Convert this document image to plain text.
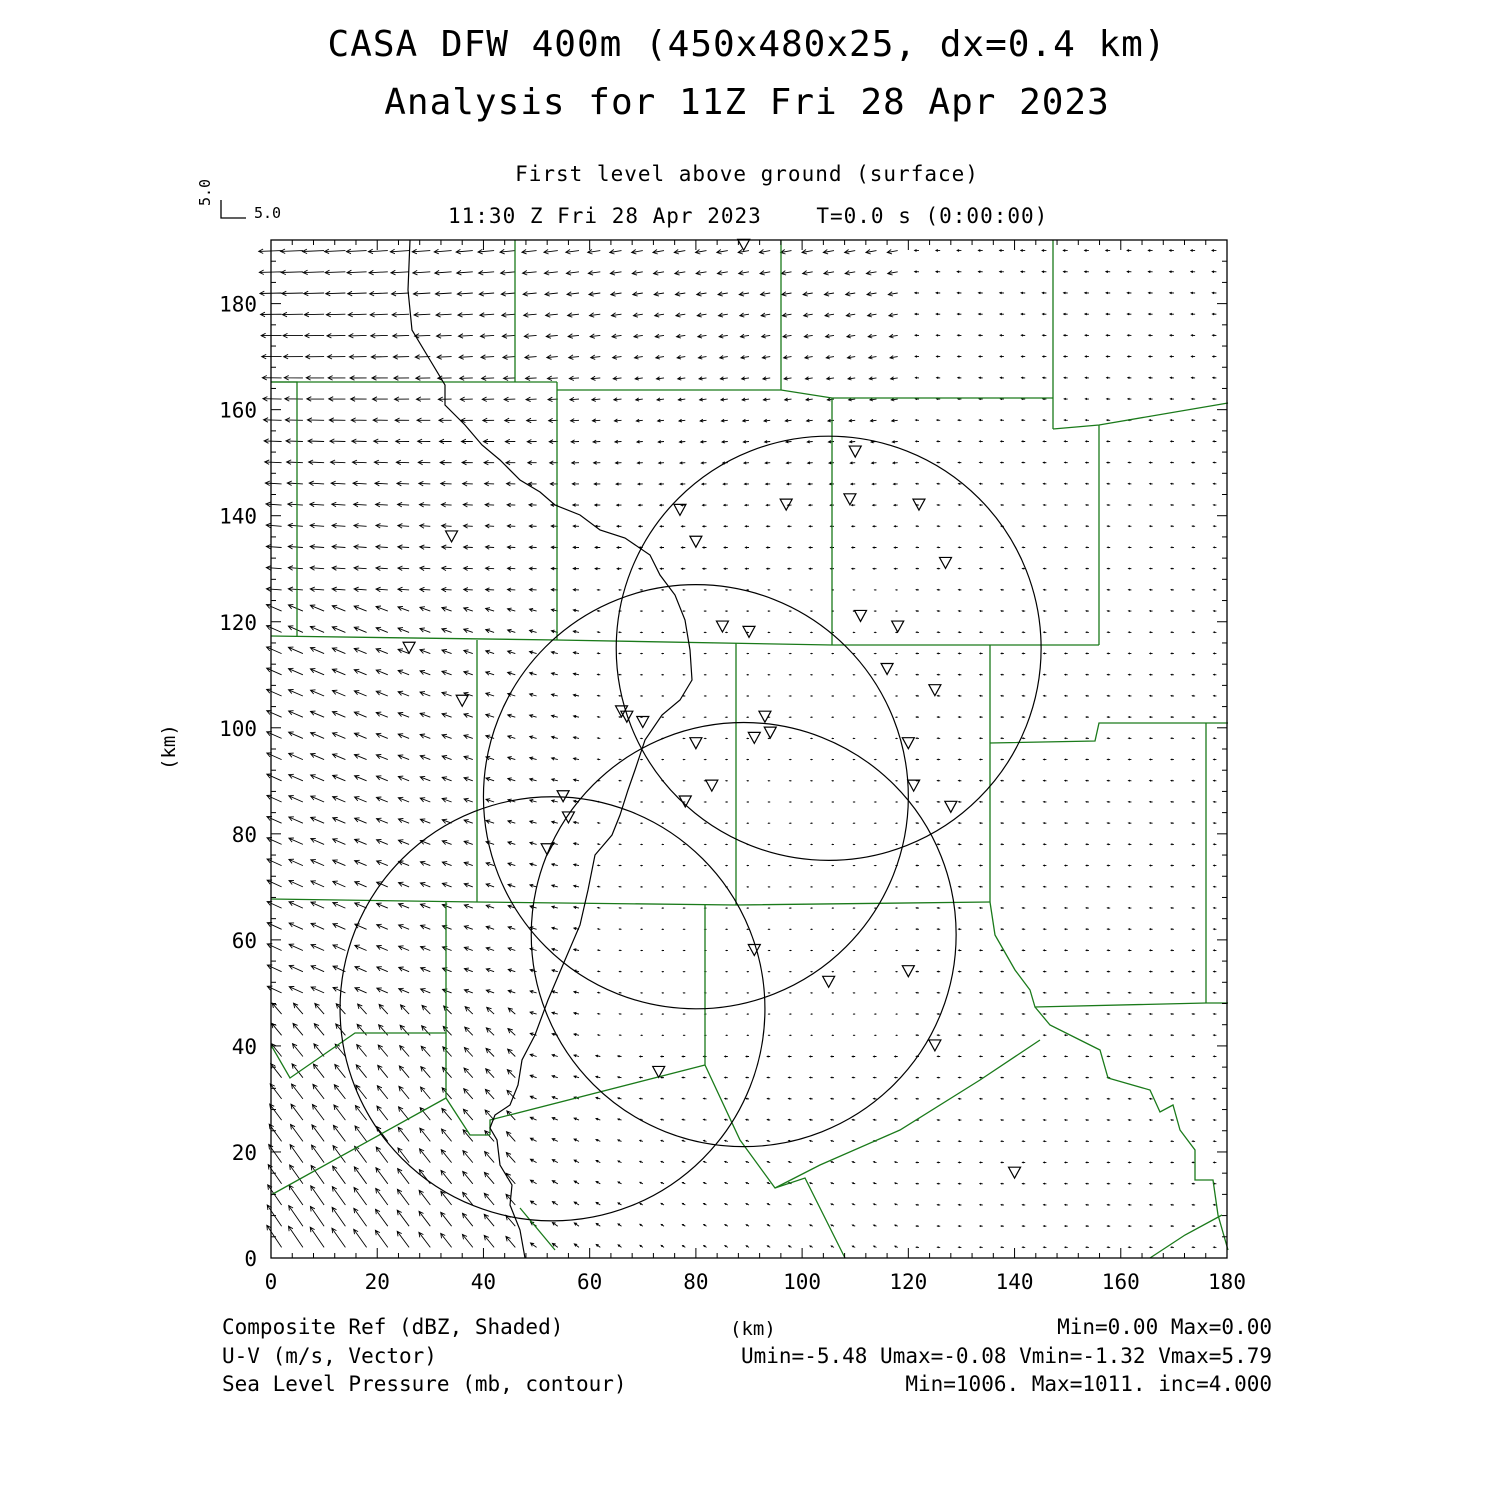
CASA DFW 400m (450x480x25, dx=0.4 km)
Analysis for 11Z Fri 28 Apr 2023
First level above ground (surface)
11:30 Z Fri 28 Apr 2023    T=0.0 s (0:00:00)
5.0
5.0
(km)
(km)
Composite Ref (dBZ, Shaded)	Min=0.00 Max=0.00
U-V (m/s, Vector)	Umin=-5.48 Umax=-0.08 Vmin=-1.32 Vmax=5.79
Sea Level Pressure (mb, contour)	Min=1006. Max=1011. inc=4.000
0	20	40	60	80	100	120	140	160	180
0
20
40
60
80
100
120
140
160
180
